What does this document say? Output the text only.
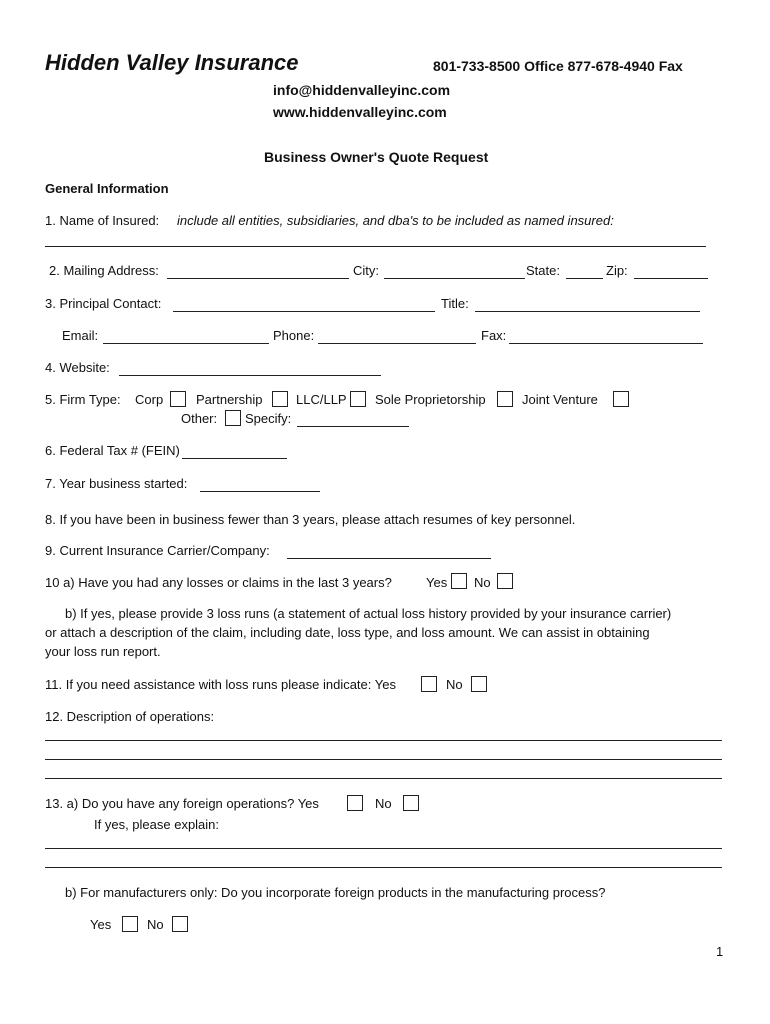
Hidden Valley Insurance	801-733-8500 Office 877-678-4940 Fax
info@hiddenvalleyinc.com
www.hiddenvalleyinc.com
Business Owner's Quote Request
General Information
1. Name of Insured: include all entities, subsidiaries, and dba's to be included as named insured:
2. Mailing Address:	City:	State:	Zip:
3. Principal Contact:	Title:
Email:	Phone:	Fax:
4. Website:
5. Firm Type: Corp	Partnership	LLC/LLP Sole Proprietorship	Joint Venture
Other: Specify:
6. Federal Tax # (FEIN)
7. Year business started:
8. If you have been in business fewer than 3 years, please attach resumes of key personnel.
9. Current Insurance Carrier/Company:
10 a) Have you had any losses or claims in the last 3 years?	Yes No
b) If yes, please provide 3 loss runs (a statement of actual loss history provided by your insurance carrier)
or attach a description of the claim, including date, loss type, and loss amount. We can assist in obtaining
your loss run report.
11. If you need assistance with loss runs please indicate: Yes	No
12. Description of operations:
13. a) Do you have any foreign operations? Yes	No
If yes, please explain:
b) For manufacturers only: Do you incorporate foreign products in the manufacturing process?
Yes	No
1
